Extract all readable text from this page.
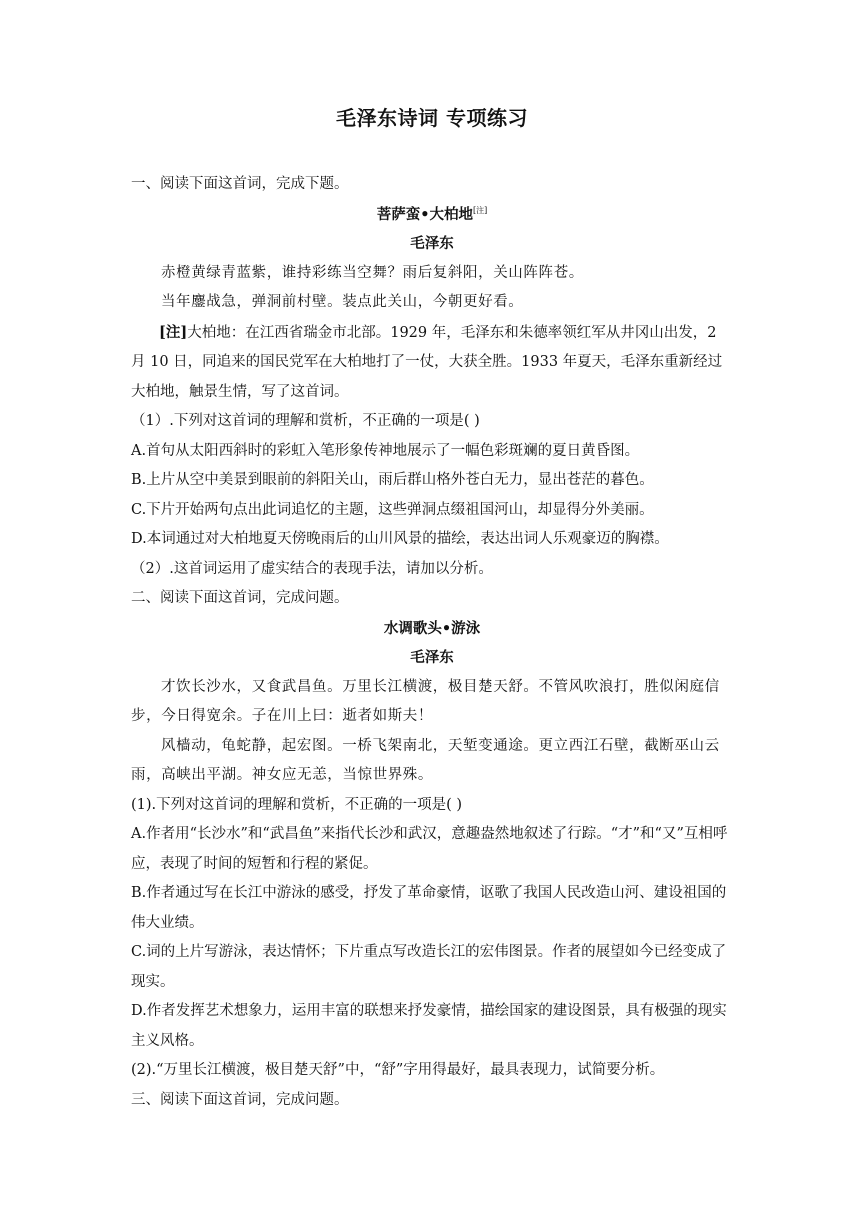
毛泽东诗词 专项练习

一、阅读下面这首词，完成下题。

菩萨蛮•大柏地[注]

毛泽东

赤橙黄绿青蓝紫，谁持彩练当空舞？雨后复斜阳，关山阵阵苍。

当年鏖战急，弹洞前村壁。装点此关山，今朝更好看。

[注]大柏地：在江西省瑞金市北部。1929 年，毛泽东和朱德率领红军从井冈山出发，2 月 10 日，同追来的国民党军在大柏地打了一仗，大获全胜。1933 年夏天，毛泽东重新经过大柏地，触景生情，写了这首词。

（1）.下列对这首词的理解和赏析，不正确的一项是( )

A.首句从太阳西斜时的彩虹入笔形象传神地展示了一幅色彩斑斓的夏日黄昏图。

B.上片从空中美景到眼前的斜阳关山，雨后群山格外苍白无力，显出苍茫的暮色。

C.下片开始两句点出此词追忆的主题，这些弹洞点缀祖国河山，却显得分外美丽。

D.本词通过对大柏地夏天傍晚雨后的山川风景的描绘，表达出词人乐观豪迈的胸襟。

（2）.这首词运用了虚实结合的表现手法，请加以分析。

二、阅读下面这首词，完成问题。

水调歌头•游泳

毛泽东

才饮长沙水，又食武昌鱼。万里长江横渡，极目楚天舒。不管风吹浪打，胜似闲庭信步，今日得宽余。子在川上曰：逝者如斯夫！

风樯动，龟蛇静，起宏图。一桥飞架南北，天堑变通途。更立西江石壁，截断巫山云雨，高峡出平湖。神女应无恙，当惊世界殊。

(1).下列对这首词的理解和赏析，不正确的一项是( )

A.作者用“长沙水”和“武昌鱼”来指代长沙和武汉，意趣盎然地叙述了行踪。“才”和“又”互相呼应，表现了时间的短暂和行程的紧促。

B.作者通过写在长江中游泳的感受，抒发了革命豪情，讴歌了我国人民改造山河、建设祖国的伟大业绩。

C.词的上片写游泳，表达情怀；下片重点写改造长江的宏伟图景。作者的展望如今已经变成了现实。

D.作者发挥艺术想象力，运用丰富的联想来抒发豪情，描绘国家的建设图景，具有极强的现实主义风格。

(2).“万里长江横渡，极目楚天舒”中，“舒”字用得最好，最具表现力，试简要分析。

三、阅读下面这首词，完成问题。
